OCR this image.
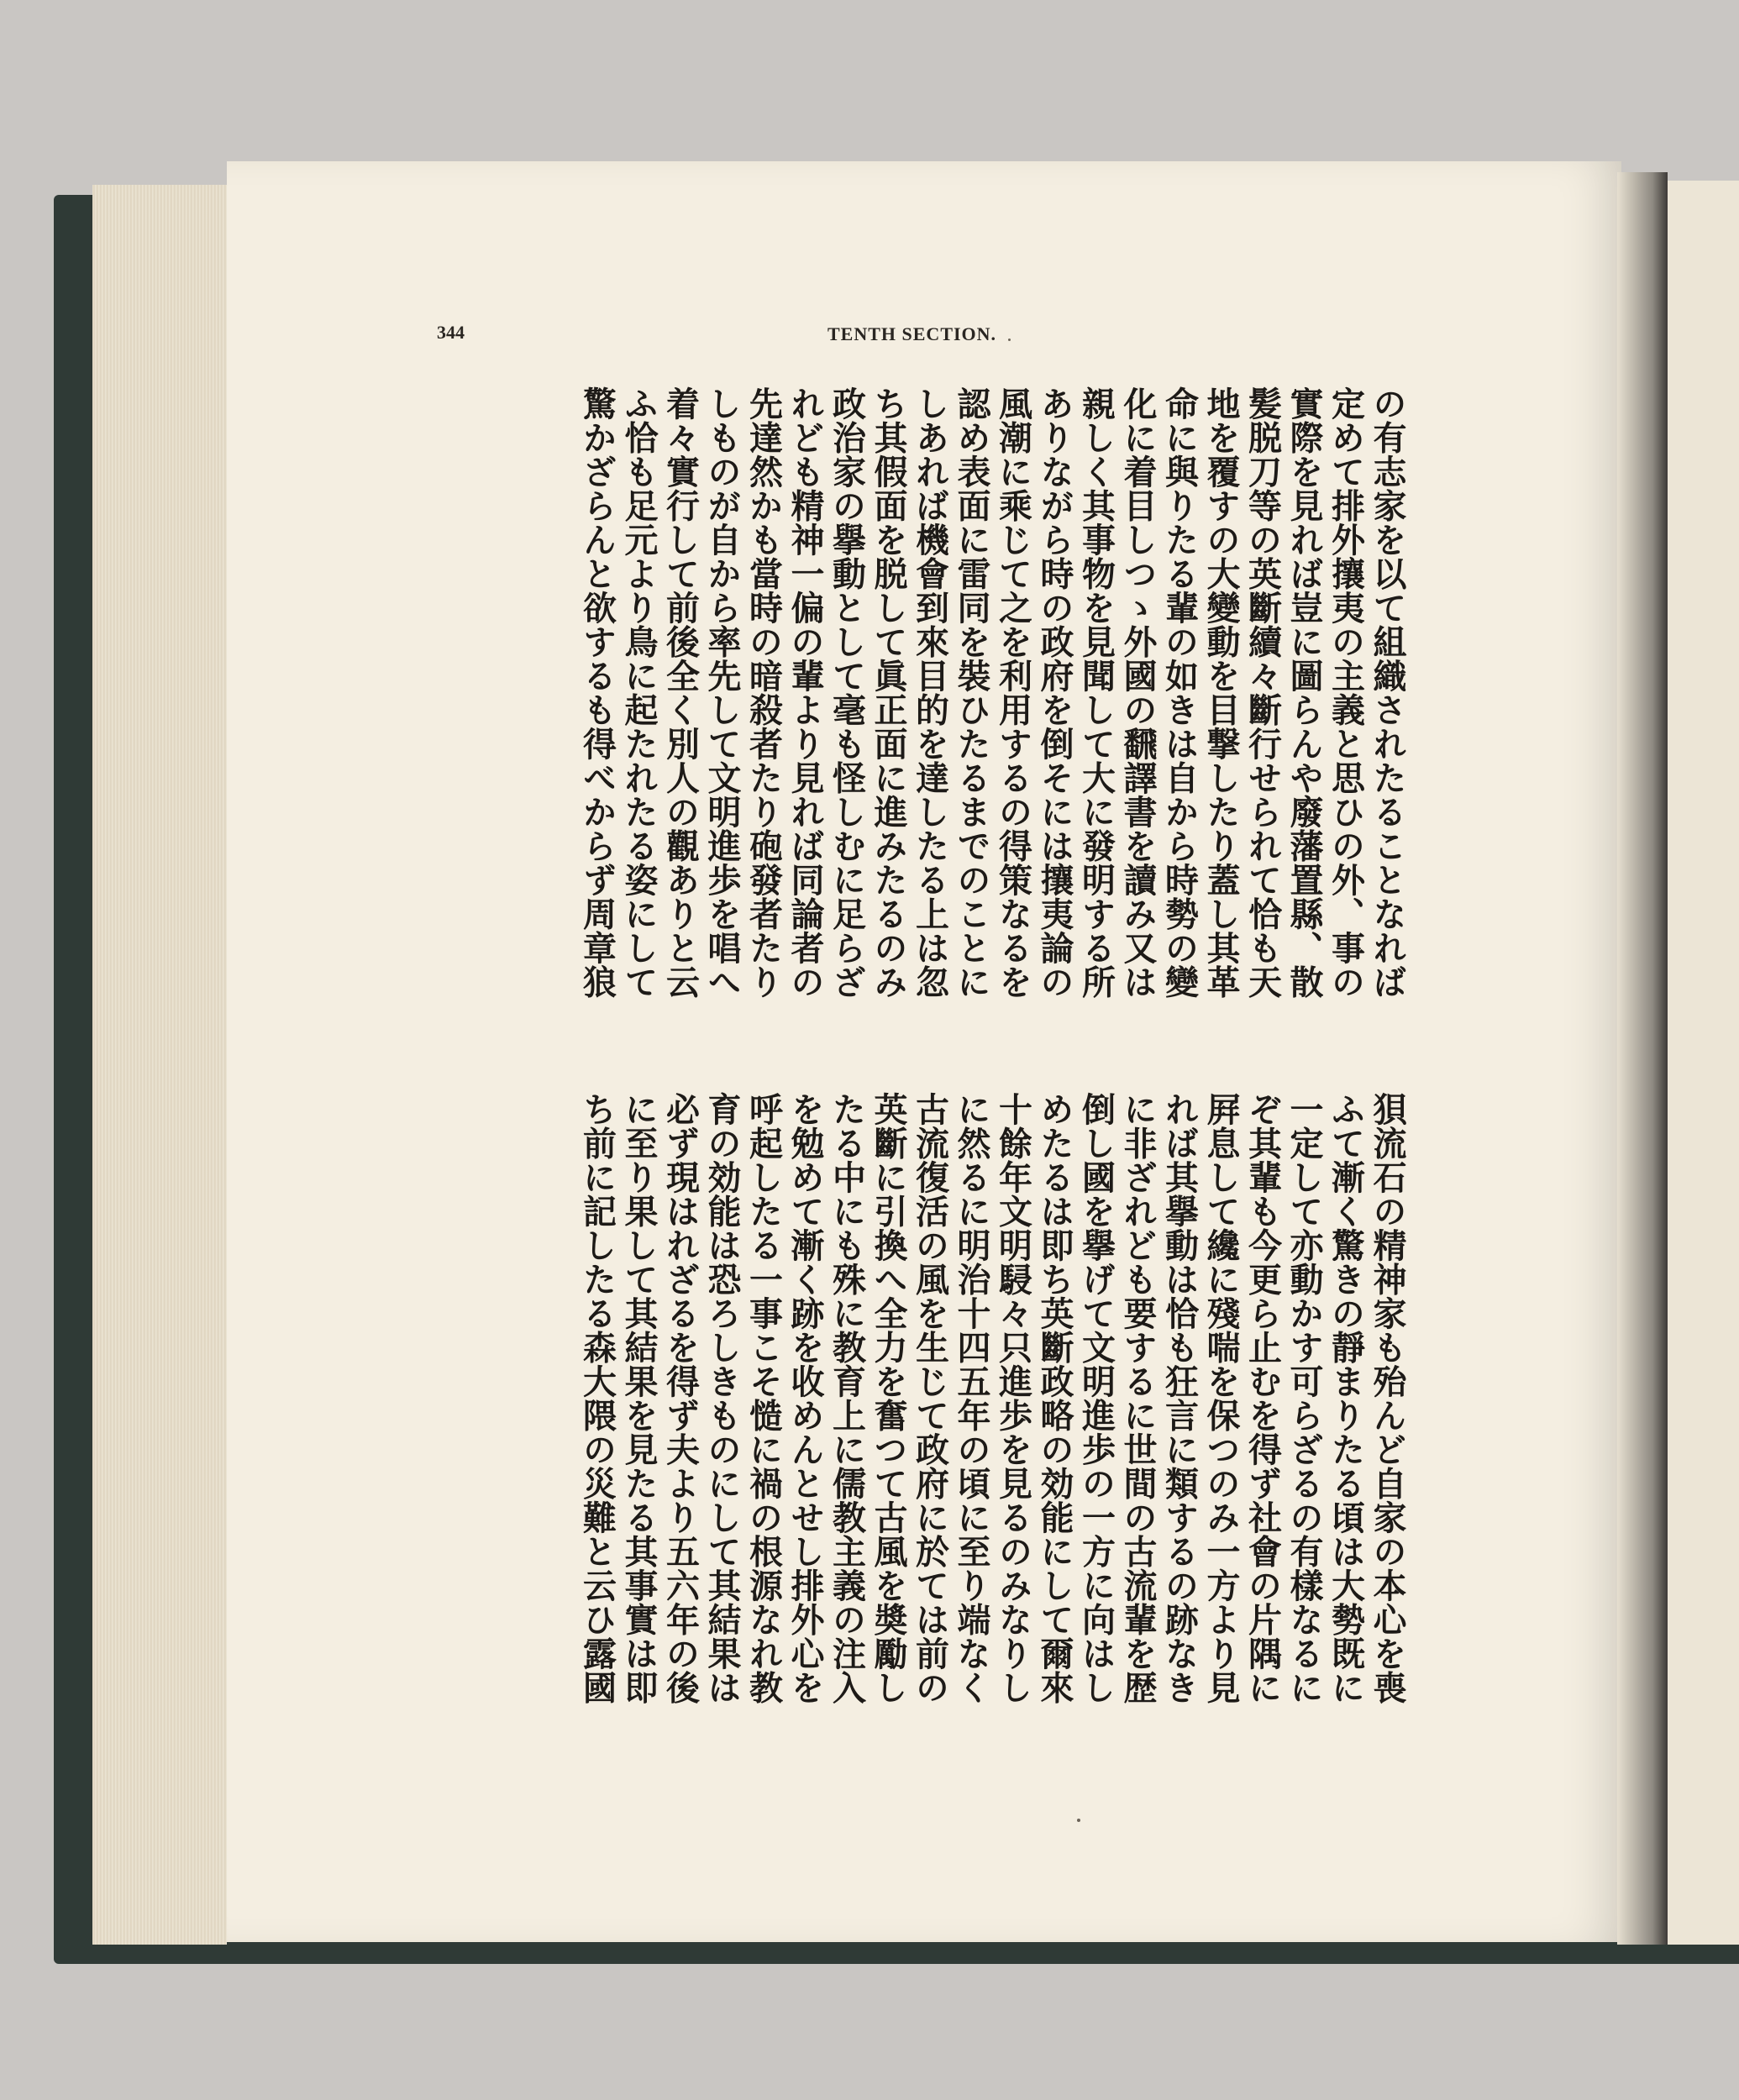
344	TENTH SECTION.
の有志家を以て組織されたることなれば
定めて排外攘夷の主義と思ひの外、事の
實際を見れば豈に圖らんや廢藩置縣、散
髪脱刀等の英斷續々斷行せられて恰も天
地を覆すの大變動を目撃したり蓋し其革
命に與りたる輩の如きは自から時勢の變
化に着目しつゝ外國の飜譯書を讀み又は
親しく其事物を見聞して大に發明する所
ありながら時の政府を倒そには攘夷論の
風潮に乘じて之を利用するの得策なるを
認め表面に雷同を裝ひたるまでのことに
しあれば機會到來目的を達したる上は忽
ち其假面を脱して眞正面に進みたるのみ
政治家の擧動として毫も怪しむに足らざ
れども精神一偏の輩より見れば同論者の
先達然かも當時の暗殺者たり砲發者たり
しものが自から率先して文明進歩を唱へ
着々實行して前後全く別人の觀ありと云
ふ恰も足元より鳥に起たれたる姿にして
驚かざらんと欲するも得べからず周章狼
狽流石の精神家も殆んど自家の本心を喪
ふて漸く驚きの靜まりたる頃は大勢既に
一定して亦動かす可らざるの有樣なるに
ぞ其輩も今更ら止むを得ず社會の片隅に
屛息して纔に殘喘を保つのみ一方より見
れば其擧動は恰も狂言に類するの跡なき
に非ざれども要するに世間の古流輩を歴
倒し國を擧げて文明進歩の一方に向はし
めたるは即ち英斷政略の効能にして爾來
十餘年文明駸々只進歩を見るのみなりし
に然るに明治十四五年の頃に至り端なく
古流復活の風を生じて政府に於ては前の
英斷に引換へ全力を奮つて古風を奬勵し
たる中にも殊に教育上に儒教主義の注入
を勉めて漸く跡を收めんとせし排外心を
呼起したる一事こそ慥に禍の根源なれ教
育の効能は恐ろしきものにして其結果は
必ず現はれざるを得ず夫より五六年の後
に至り果して其結果を見たる其事實は即
ち前に記したる森大隈の災難と云ひ露國
